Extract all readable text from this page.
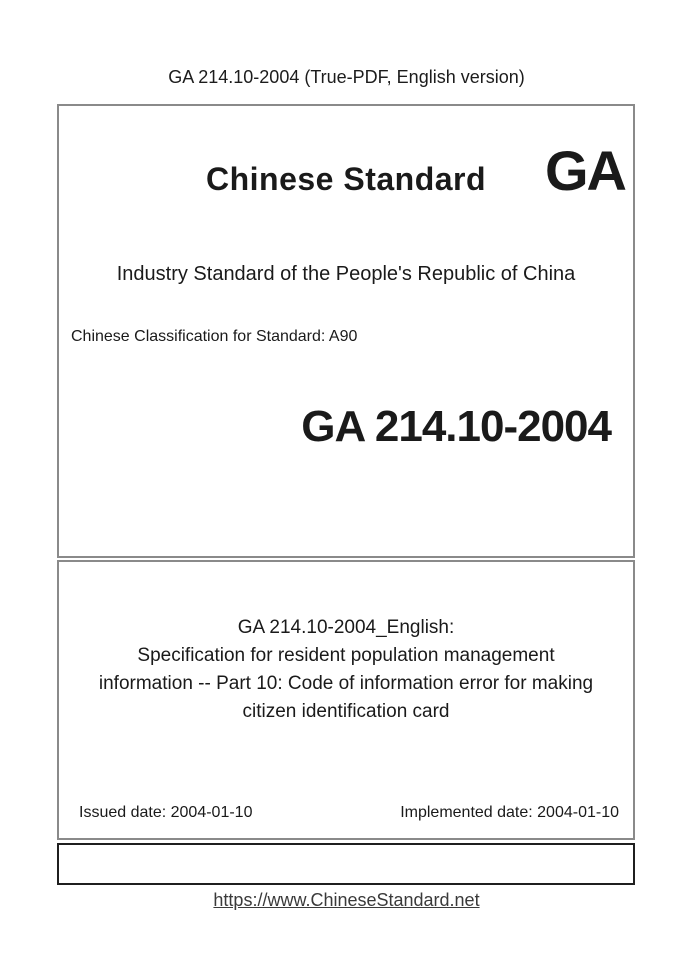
GA 214.10-2004 (True-PDF, English version)
Chinese Standard	GA
Industry Standard of the People's Republic of China
Chinese Classification for Standard: A90
GA 214.10-2004
GA 214.10-2004_English:
Specification for resident population management
information -- Part 10: Code of information error for making
citizen identification card
Issued date: 2004-01-10	Implemented date: 2004-01-10
https://www.ChineseStandard.net
